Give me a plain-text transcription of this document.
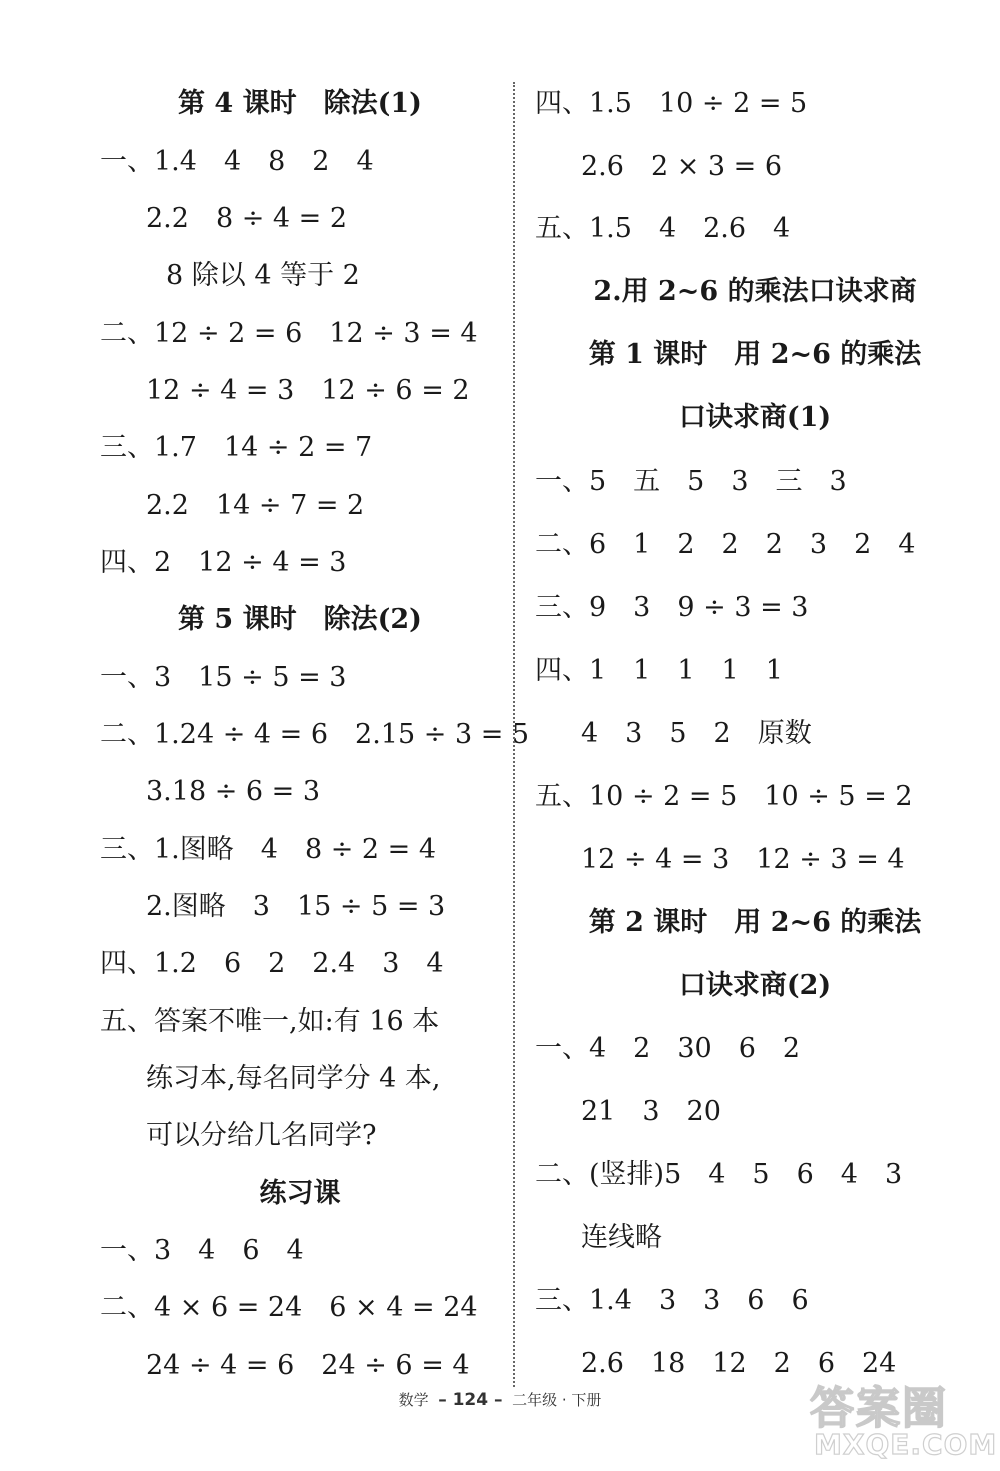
第 4 课时　除法(1)
一、1.4　4　8　2　4
2.2　8 ÷ 4 = 2
8 除以 4 等于 2
二、12 ÷ 2 = 6　12 ÷ 3 = 4
12 ÷ 4 = 3　12 ÷ 6 = 2
三、1.7　14 ÷ 2 = 7
2.2　14 ÷ 7 = 2
四、2　12 ÷ 4 = 3
第 5 课时　除法(2)
一、3　15 ÷ 5 = 3
二、1.24 ÷ 4 = 6　2.15 ÷ 3 = 5
3.18 ÷ 6 = 3
三、1.图略　4　8 ÷ 2 = 4
2.图略　3　15 ÷ 5 = 3
四、1.2　6　2　2.4　3　4
五、答案不唯一,如:有 16 本
练习本,每名同学分 4 本,
可以分给几名同学?
练习课
一、3　4　6　4
二、4 × 6 = 24　6 × 4 = 24
24 ÷ 4 = 6　24 ÷ 6 = 4
四、1.5　10 ÷ 2 = 5
2.6　2 × 3 = 6
五、1.5　4　2.6　4
2.用 2~6 的乘法口诀求商
第 1 课时　用 2~6 的乘法
口诀求商(1)
一、5　五　5　3　三　3
二、6　1　2　2　2　3　2　4
三、9　3　9 ÷ 3 = 3
四、1　1　1　1　1
4　3　5　2　原数
五、10 ÷ 2 = 5　10 ÷ 5 = 2
12 ÷ 4 = 3　12 ÷ 3 = 4
第 2 课时　用 2~6 的乘法
口诀求商(2)
一、4　2　30　6　2
21　3　20
二、(竖排)5　4　5　6　4　3
连线略
三、1.4　3　3　6　6
2.6　18　12　2　6　24
数学 – 124 – 二年级 · 下册	答案圈
MXQE.COM
